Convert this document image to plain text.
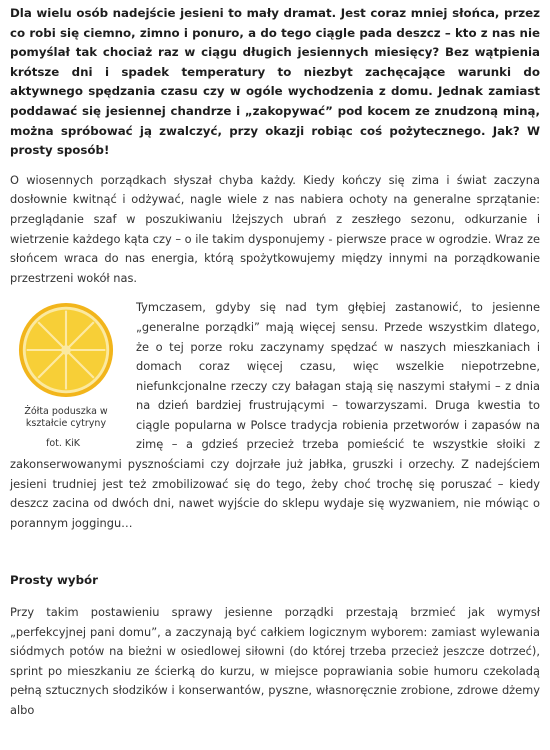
Dla wielu osób nadejście jesieni to mały dramat. Jest coraz mniej słońca, przez co robi się ciemno, zimno i ponuro, a do tego ciągle pada deszcz – kto z nas nie pomyślał tak chociaż raz w ciągu długich jesiennych miesięcy? Bez wątpienia krótsze dni i spadek temperatury to niezbyt zachęcające warunki do aktywnego spędzania czasu czy w ogóle wychodzenia z domu. Jednak zamiast poddawać się jesiennej chandrze i „zakopywać” pod kocem ze znudzoną miną, można spróbować ją zwalczyć, przy okazji robiąc coś pożytecznego. Jak? W prosty sposób!

O wiosennych porządkach słyszał chyba każdy. Kiedy kończy się zima i świat zaczyna dosłownie kwitnąć i odżywać, nagle wiele z nas nabiera ochoty na generalne sprzątanie: przeglądanie szaf w poszukiwaniu lżejszych ubrań z zeszłego sezonu, odkurzanie i wietrzenie każdego kąta czy – o ile takim dysponujemy - pierwsze prace w ogrodzie. Wraz ze słońcem wraca do nas energia, którą spożytkowujemy między innymi na porządkowanie przestrzeni wokół nas.

Żółta poduszka w kształcie cytryny
fot. KiK

Tymczasem, gdyby się nad tym głębiej zastanowić, to jesienne „generalne porządki” mają więcej sensu. Przede wszystkim dlatego, że o tej porze roku zaczynamy spędzać w naszych mieszkaniach i domach coraz więcej czasu, więc wszelkie niepotrzebne, niefunkcjonalne rzeczy czy bałagan stają się naszymi stałymi – z dnia na dzień bardziej frustrującymi – towarzyszami. Druga kwestia to ciągle popularna w Polsce tradycja robienia przetworów i zapasów na zimę – a gdzieś przecież trzeba pomieścić te wszystkie słoiki z zakonserwowanymi pysznościami czy dojrzałe już jabłka, gruszki i orzechy. Z nadejściem jesieni trudniej jest też zmobilizować się do tego, żeby choć trochę się poruszać – kiedy deszcz zacina od dwóch dni, nawet wyjście do sklepu wydaje się wyzwaniem, nie mówiąc o porannym joggingu…

Prosty wybór

Przy takim postawieniu sprawy jesienne porządki przestają brzmieć jak wymysł „perfekcyjnej pani domu”, a zaczynają być całkiem logicznym wyborem: zamiast wylewania siódmych potów na bieżni w osiedlowej siłowni (do której trzeba przecież jeszcze dotrzeć), sprint po mieszkaniu ze ścierką do kurzu, w miejsce poprawiania sobie humoru czekoladą pełną sztucznych słodzików i konserwantów, pyszne, własnoręcznie zrobione, zdrowe dżemy albo
